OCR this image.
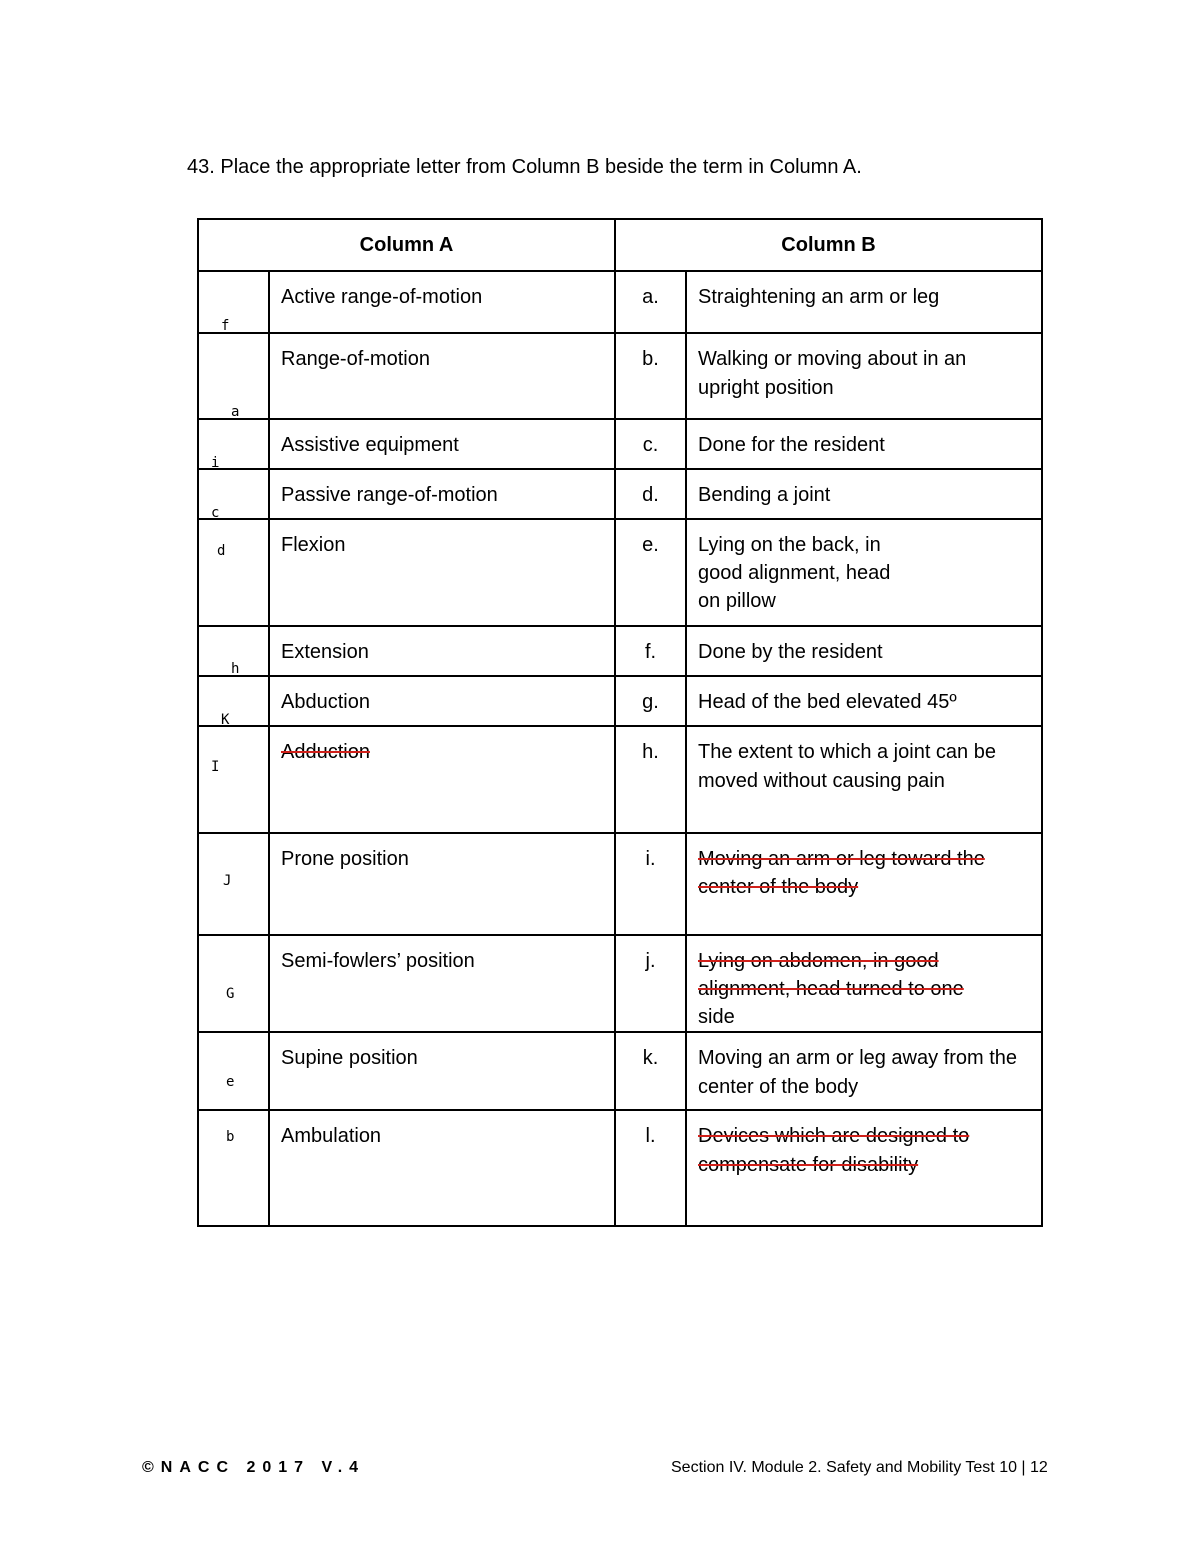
43. Place the appropriate letter from Column B beside the term in Column A.
Column A		Column B	

f	Active range-of-motion	a.	Straightening an arm or leg

a	Range-of-motion	b.	Walking or moving about in an upright position

i	Assistive equipment	c.	Done for the resident

c	Passive range-of-motion	d.	Bending a joint

d	Flexion	e.	Lying on the back, in good alignment, head on pillow

h	Extension	f.	Done by the resident

K	Abduction	g.	Head of the bed elevated 45º

I	Adduction	h.	The extent to which a joint can be moved without causing pain

J	Prone position	i.	Moving an arm or leg toward the center of the body

G	Semi-fowlers’ position	j.	Lying on abdomen, in good alignment, head turned to one side

e	Supine position	k.	Moving an arm or leg away from the center of the body

b	Ambulation	l.	Devices which are designed to compensate for disability
©NACC 2017 V.4	Section IV. Module 2. Safety and Mobility Test 10 | 12
